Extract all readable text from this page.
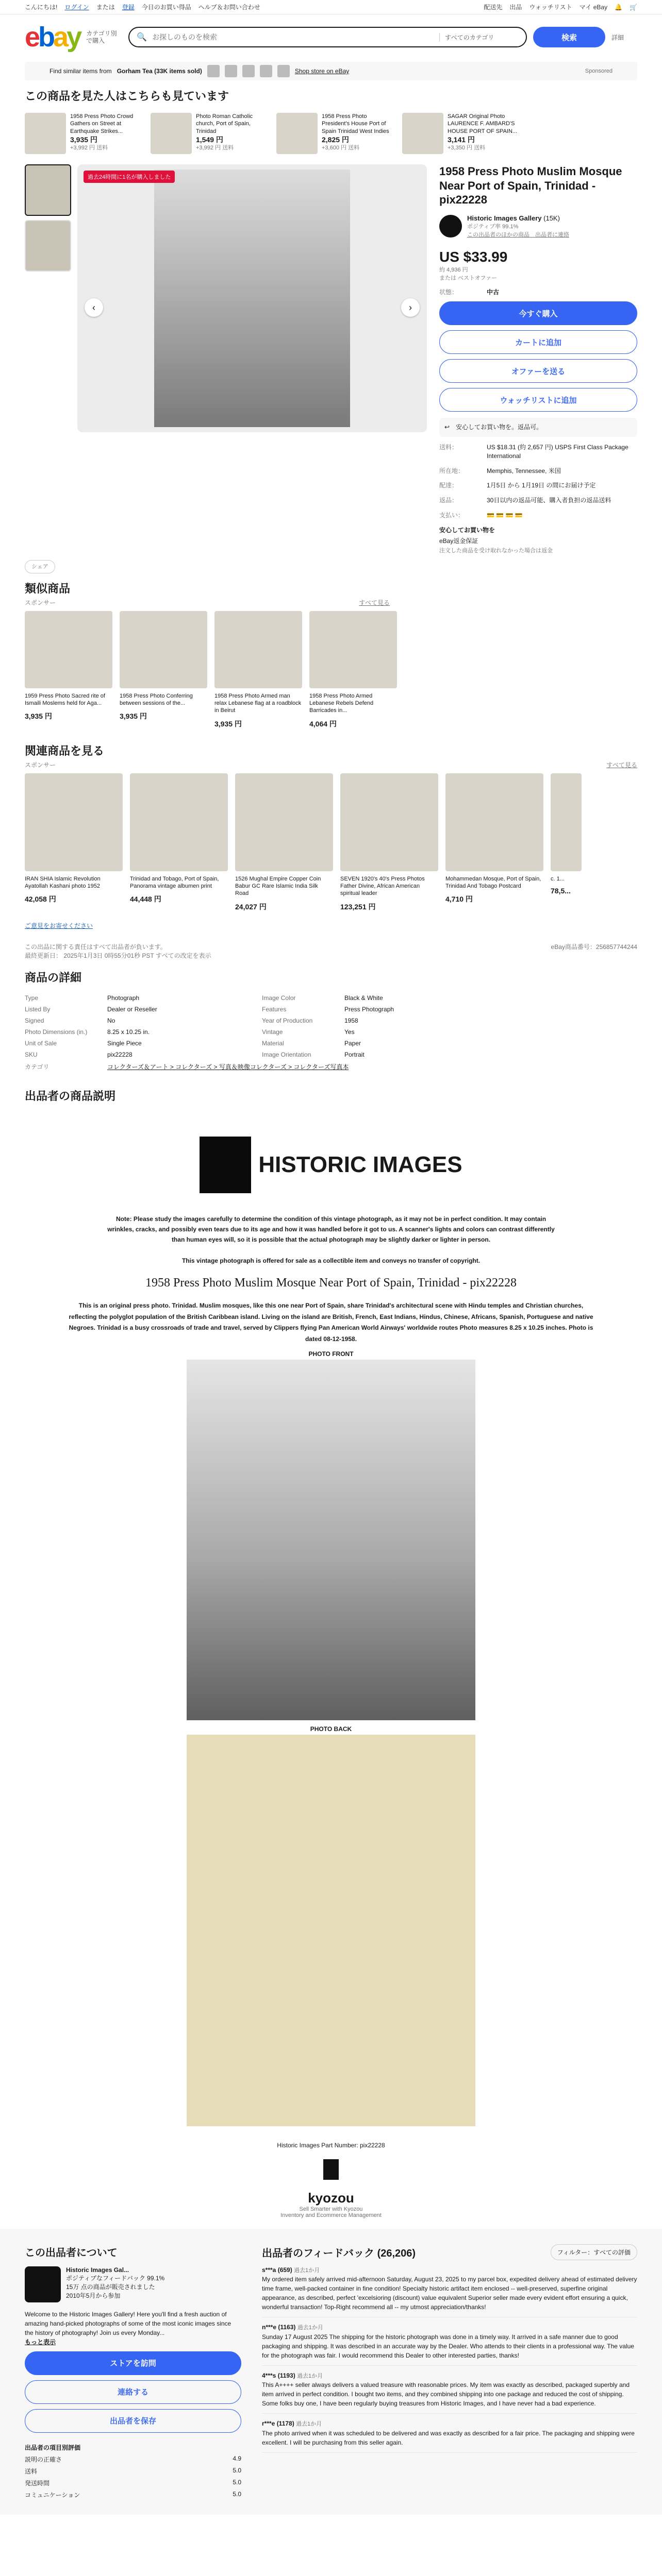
こんにちは! ログイン または 登録 今日のお買い得品 ヘルプ＆お問い合わせ	配送先 出品 ウォッチリスト マイ eBay 🔔 🛒
e b a y カテゴリ別で購入	🔍 お探しのものを検索	すべてのカテゴリ	検索	詳細
Find similar items from Gorham Tea (33K items sold)	Shop store on eBay	Sponsored
この商品を見た人はこちらも見ています
1958 Press Photo Crowd Gathers on Street at Earthquake Strikes...
3,935 円
+3,992 円 送料
Photo Roman Catholic church, Port of Spain, Trinidad
1,549 円
+3,992 円 送料
1958 Press Photo President's House Port of Spain Trinidad West Indies
2,825 円
+3,600 円 送料
SAGAR Original Photo LAURENCE F. AMBARD'S HOUSE PORT OF SPAIN...
3,141 円
+3,350 円 送料
過去24時間に1名が購入しました
‹	›
1958 Press Photo Muslim Mosque Near Port of Spain, Trinidad - pix22228
Historic Images Gallery (15K)
ポジティブ率 99.1%
この出品者のほかの商品　出品者に連絡
US $33.99
約 4,936 円
または ベストオファー
状態：	中古
今すぐ購入
カートに追加
オファーを送る
ウォッチリストに追加
↩ 安心してお買い物を。返品可。
送料：	US $18.31 (約 2,657 円) USPS First Class Package International
所在地：	Memphis, Tennessee, 米国
配達：	1月5日 から 1月19日 の間にお届け予定
返品：	30日以内の返品可能、購入者負担の返品送料
支払い：	💳 💳 💳 💳
安心してお買い物を
eBay返金保証
注文した商品を受け取れなかった場合は返金
シェア
類似商品
スポンサー	すべて見る
1959 Press Photo Sacred rite of Ismaili Moslems held for Aga...
3,935 円
1958 Press Photo Conferring between sessions of the...
3,935 円
1958 Press Photo Armed man relax Lebanese flag at a roadblock in Beirut
3,935 円
1958 Press Photo Armed Lebanese Rebels Defend Barricades in...
4,064 円
関連商品を見る
スポンサー	すべて見る
IRAN SHIA Islamic Revolution Ayatollah Kashani photo 1952
42,058 円
Trinidad and Tobago, Port of Spain, Panorama vintage albumen print
44,448 円
1526 Mughal Empire Copper Coin Babur GC Rare Islamic India Silk Road
24,027 円
SEVEN 1920's 40's Press Photos Father Divine, African American spiritual leader
123,251 円
Mohammedan Mosque, Port of Spain, Trinidad And Tobago Postcard
4,710 円
c. 1...
78,5...
ご意見をお寄せください
この出品に関する責任はすべて出品者が負います。	eBay商品番号：256857744244
最終更新日： 2025年1月3日 0時55分01秒 PST すべての改定を表示
商品の詳細
Type	Photograph	Image Color	Black & White
Listed By	Dealer or Reseller	Features	Press Photograph
Signed	No	Year of Production	1958
Photo Dimensions (in.)	8.25 x 10.25 in.	Vintage	Yes
Unit of Sale	Single Piece	Material	Paper
SKU	pix22228	Image Orientation	Portrait
カテゴリ	コレクターズ＆アート > コレクターズ > 写真＆映像コレクターズ > コレクターズ写真本
出品者の商品説明
HISTORIC IMAGES
Note: Please study the images carefully to determine the condition of this vintage photograph, as it may not be in perfect condition. It may contain wrinkles, cracks, and possibly even tears due to its age and how it was handled before it got to us. A scanner's lights and colors can contrast differently than human eyes will, so it is possible that the actual photograph may be slightly darker or lighter in person.
This vintage photograph is offered for sale as a collectible item and conveys no transfer of copyright.
1958 Press Photo Muslim Mosque Near Port of Spain, Trinidad - pix22228
This is an original press photo. Trinidad. Muslim mosques, like this one near Port of Spain, share Trinidad's architectural scene with Hindu temples and Christian churches, reflecting the polyglot population of the British Caribbean island. Living on the island are British, French, East Indians, Hindus, Chinese, Africans, Spanish, Portuguese and native Negroes. Trinidad is a busy crossroads of trade and travel, served by Clippers flying Pan American World Airways' worldwide routes Photo measures 8.25 x 10.25 inches. Photo is dated 08-12-1958.
PHOTO FRONT
PHOTO BACK
Historic Images Part Number: pix22228
kyozou
Sell Smarter with Kyozou
Inventory and Ecommerce Management
この出品者について
Historic Images Gal...
ポジティブなフィードバック 99.1%
15万 点の商品が販売されました
2010年5月から参加
Welcome to the Historic Images Gallery! Here you'll find a fresh auction of amazing hand-picked photographs of some of the most iconic images since the history of photography! Join us every Monday...
もっと表示
ストアを訪問
連絡する
出品者を保存
出品者の項目別評価
説明の正確さ	4.9
送料	5.0
発送時間	5.0
コミュニケーション	5.0
出品者のフィードバック (26,206)	フィルター：すべての評価
s***a (659) 過去1か月
My ordered item safely arrived mid-afternoon Saturday, August 23, 2025 to my parcel box, expedited delivery ahead of estimated delivery time frame, well-packed container in fine condition! Specialty historic artifact item enclosed -- well-preserved, superfine original appearance, as described, perfect 'excelsioring (discount) value equivalent Superior seller made every evident effort ensuring a quick, wonderful transaction! Top-Right recommend all -- my utmost appreciation/thanks!
n***e (1163) 過去1か月
Sunday 17 August 2025 The shipping for the historic photograph was done in a timely way. It arrived in a safe manner due to good packaging and shipping. It was described in an accurate way by the Dealer. Who attends to their clients in a professional way. The value for the photograph was fair. I would recommend this Dealer to other interested parties, thanks!
4***s (1193) 過去1か月
This A++++ seller always delivers a valued treasure with reasonable prices. My item was exactly as described, packaged superbly and item arrived in perfect condition. I bought two items, and they combined shipping into one package and reduced the cost of shipping. Some folks buy one, I have been regularly buying treasures from Historic Images, and I have never had a bad experience.
r***e (1178) 過去1か月
The photo arrived when it was scheduled to be delivered and was exactly as described for a fair price. The packaging and shipping were excellent. I will be purchasing from this seller again.
